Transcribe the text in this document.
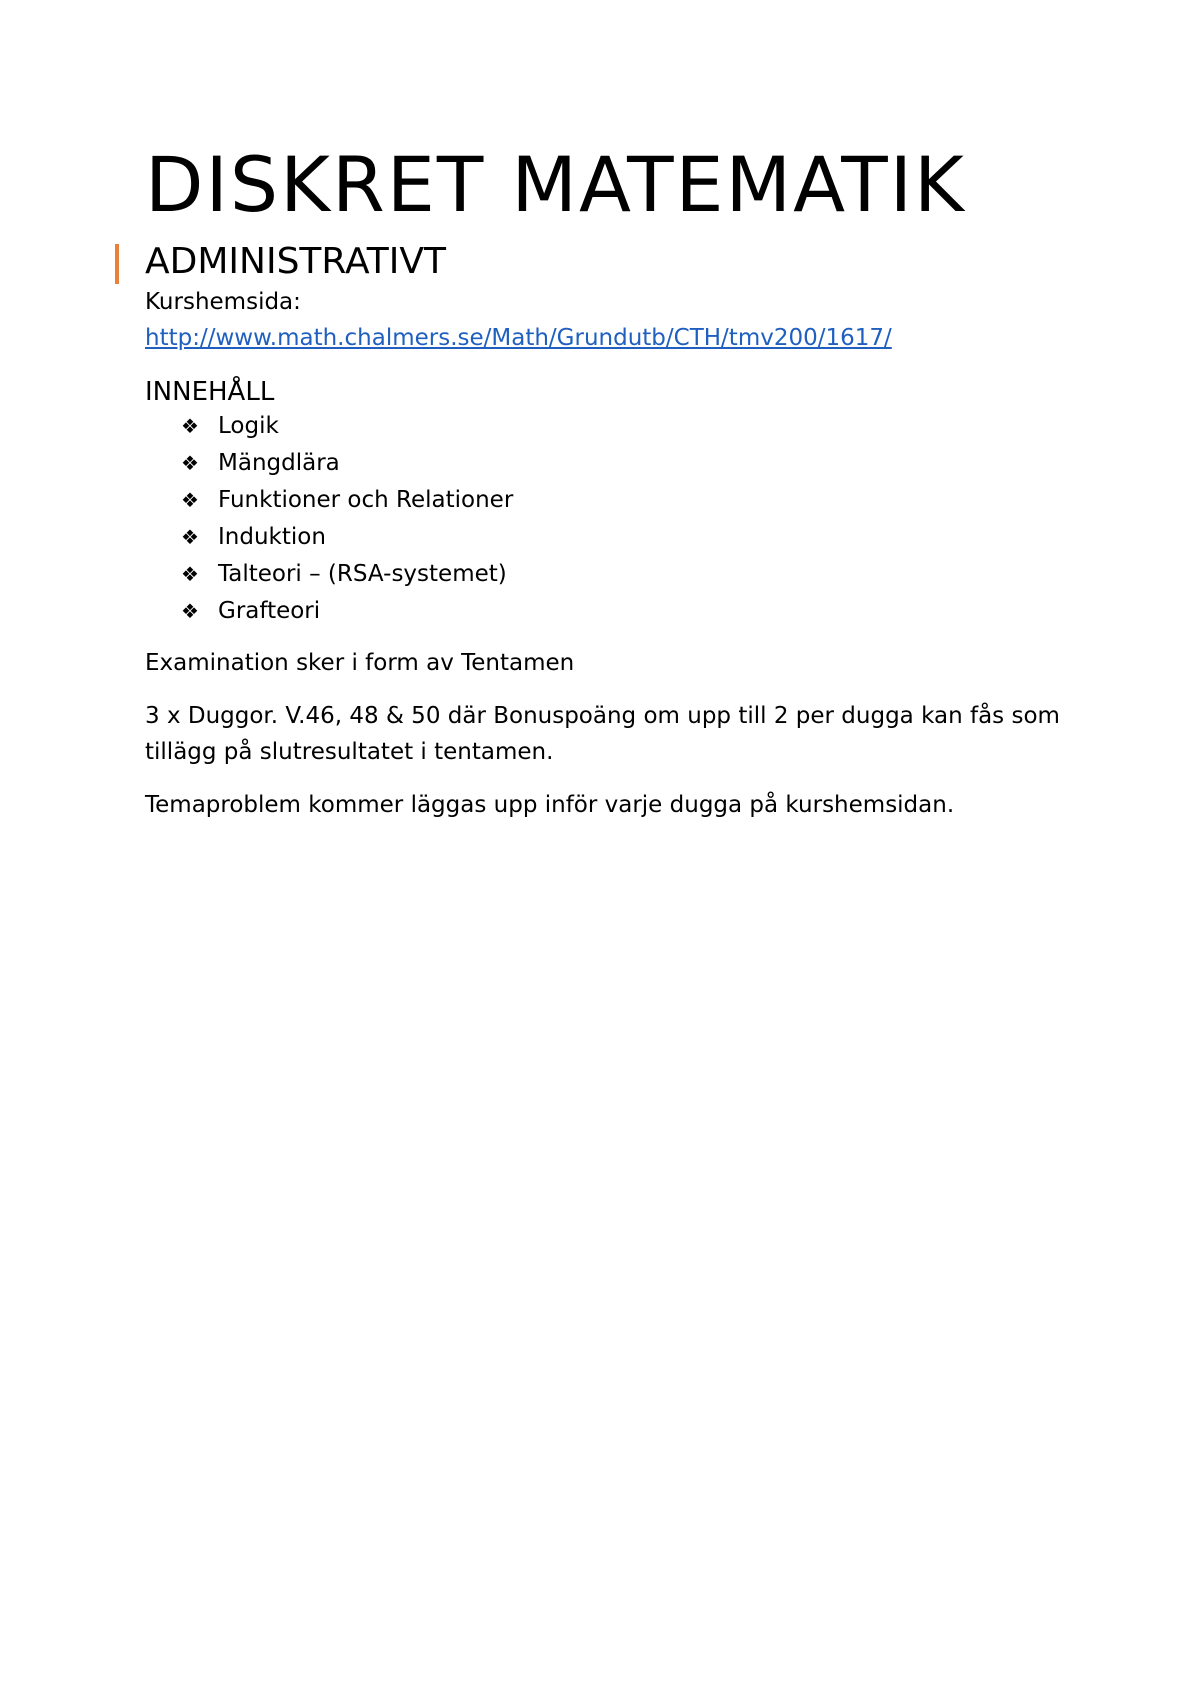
DISKRET MATEMATIK
ADMINISTRATIVT
Kurshemsida:
http://www.math.chalmers.se/Math/Grundutb/CTH/tmv200/1617/
INNEHÅLL
❖ Logik
❖ Mängdlära
❖ Funktioner och Relationer
❖ Induktion
❖ Talteori – (RSA-systemet)
❖ Grafteori

Examination sker i form av Tentamen

3 x Duggor. V.46, 48 & 50 där Bonuspoäng om upp till 2 per dugga kan fås som tillägg på slutresultatet i tentamen.

Temaproblem kommer läggas upp inför varje dugga på kurshemsidan.
